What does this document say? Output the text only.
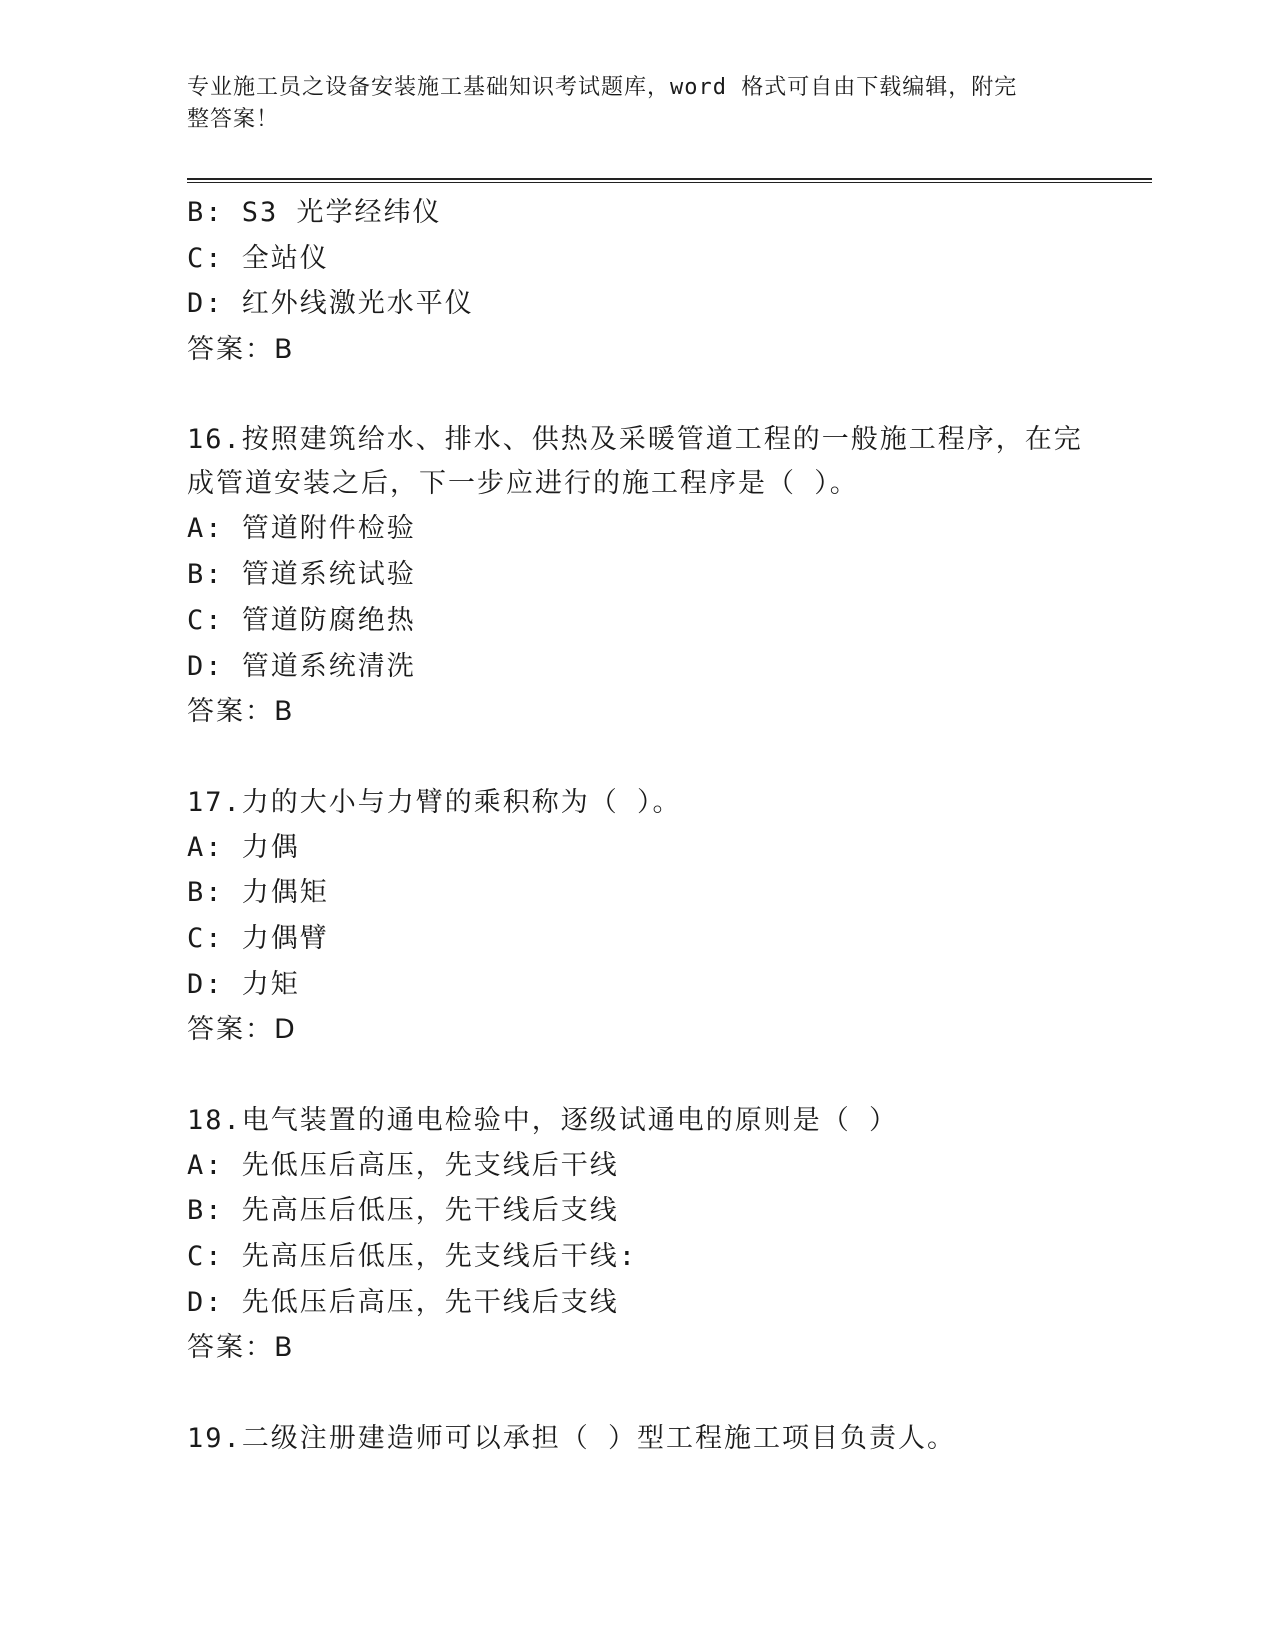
专业施工员之设备安装施工基础知识考试题库，word 格式可自由下载编辑，附完
整答案！
B: S3 光学经纬仪
C: 全站仪
D: 红外线激光水平仪
答案：B
16.按照建筑给水、排水、供热及采暖管道工程的一般施工程序，在完
成管道安装之后，下一步应进行的施工程序是（ ）。
A: 管道附件检验
B: 管道系统试验
C: 管道防腐绝热
D: 管道系统清洗
答案：B
17.力的大小与力臂的乘积称为（ ）。
A: 力偶
B: 力偶矩
C: 力偶臂
D: 力矩
答案：D
18.电气装置的通电检验中，逐级试通电的原则是（ ）
A: 先低压后高压，先支线后干线
B: 先高压后低压，先干线后支线
C: 先高压后低压，先支线后干线:
D: 先低压后高压，先干线后支线
答案：B
19.二级注册建造师可以承担（ ）型工程施工项目负责人。
